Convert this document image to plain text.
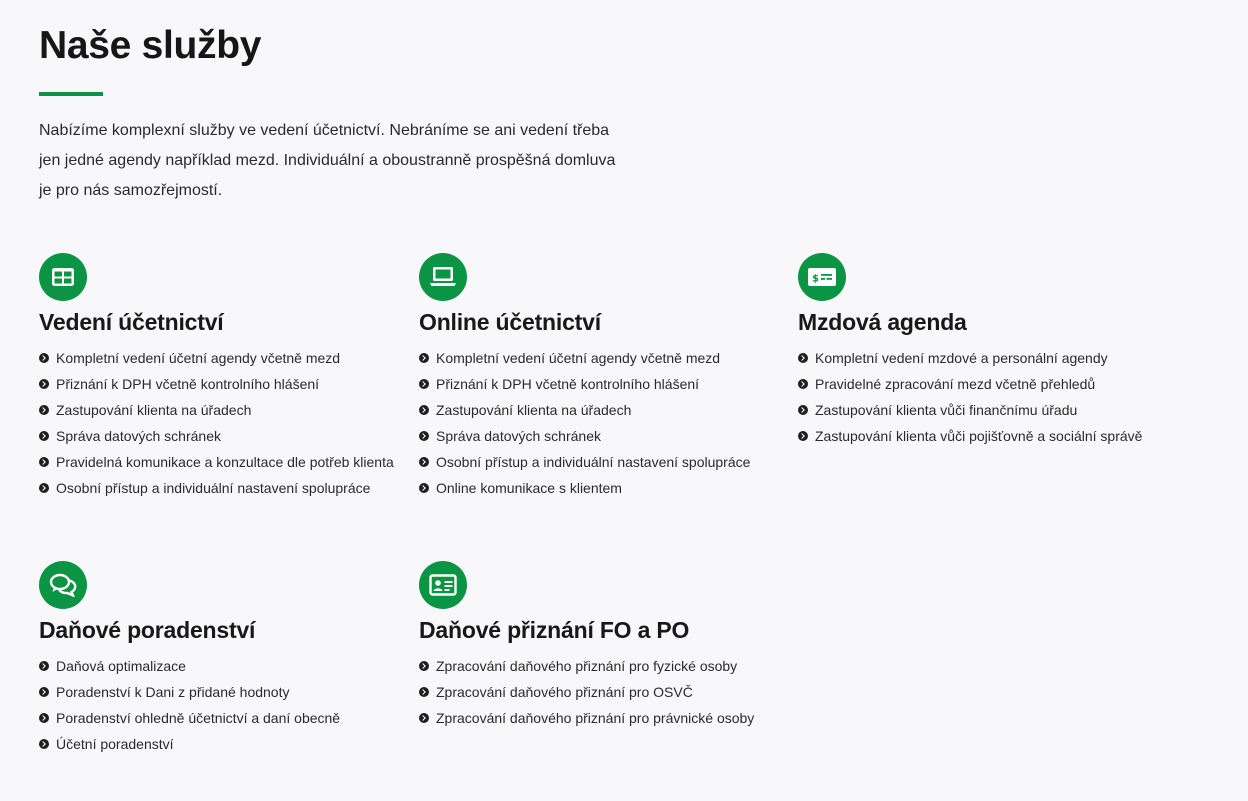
Naše služby

Nabízíme komplexní služby ve vedení účetnictví. Nebráníme se ani vedení třeba jen jedné agendy například mezd. Individuální a oboustranně prospěšná domluva je pro nás samozřejmostí.

Vedení účetnictví
Kompletní vedení účetní agendy včetně mezd
Přiznání k DPH včetně kontrolního hlášení
Zastupování klienta na úřadech
Správa datových schránek
Pravidelná komunikace a konzultace dle potřeb klienta
Osobní přístup a individuální nastavení spolupráce
Online účetnictví
Kompletní vedení účetní agendy včetně mezd
Přiznání k DPH včetně kontrolního hlášení
Zastupování klienta na úřadech
Správa datových schránek
Osobní přístup a individuální nastavení spolupráce
Online komunikace s klientem
$
Mzdová agenda
Kompletní vedení mzdové a personální agendy
Pravidelné zpracování mezd včetně přehledů
Zastupování klienta vůči finančnímu úřadu
Zastupování klienta vůči pojišťovně a sociální správě
Daňové poradenství
Daňová optimalizace
Poradenství k Dani z přidané hodnoty
Poradenství ohledně účetnictví a daní obecně
Účetní poradenství
Daňové přiznání FO a PO
Zpracování daňového přiznání pro fyzické osoby
Zpracování daňového přiznání pro OSVČ
Zpracování daňového přiznání pro právnické osoby
